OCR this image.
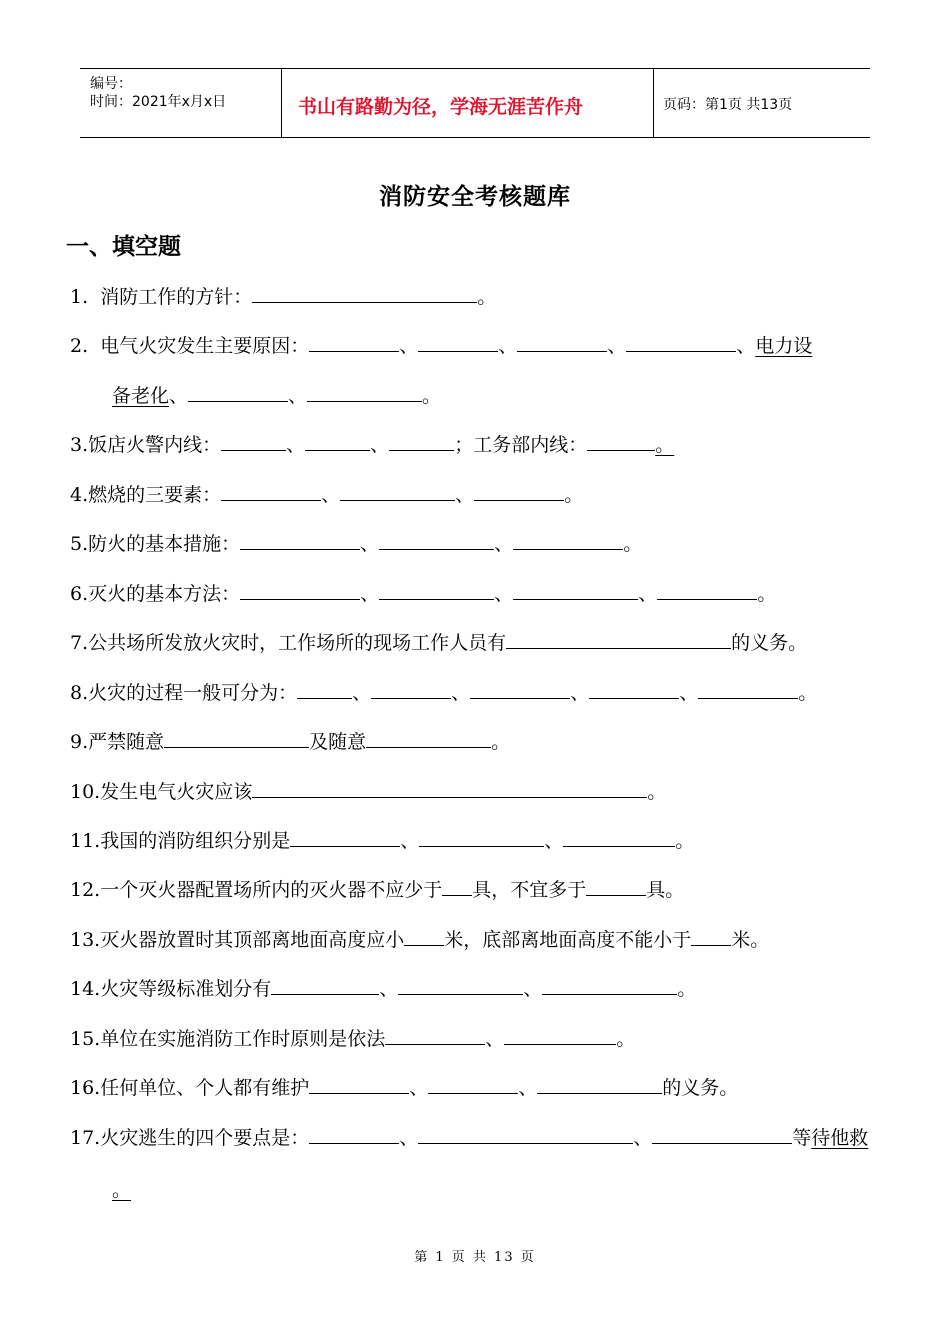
编号：
时间：2021年x月x日	书山有路勤为径，学海无涯苦作舟	页码：第1页 共13页
消防安全考核题库
一、填空题
1. 消防工作的方针：	。
2. 电气火灾发生主要原因：	、	、	、	、电力设
备老化、	、	。
3.饭店火警内线：	、	、	；工务部内线：	。
4.燃烧的三要素：	、	、	。
5.防火的基本措施：	、	、	。
6.灭火的基本方法：	、	、	、	。
7.公共场所发放火灾时，工作场所的现场工作人员有	的义务。
8.火灾的过程一般可分为：	、	、	、	、	。
9.严禁随意	及随意	。
10.发生电气火灾应该	。
11.我国的消防组织分别是	、	、	。
12.一个灭火器配置场所内的灭火器不应少于 具，不宜多于	具。
13.灭火器放置时其顶部离地面高度应小 米，底部离地面高度不能小于 米。
14.火灾等级标准划分有	、	、	。
15.单位在实施消防工作时原则是依法	、	。
16.任何单位、个人都有维护	、	、	的义务。
17.火灾逃生的四个要点是：	、	、	等待他救
。
第 1 页 共 13 页
